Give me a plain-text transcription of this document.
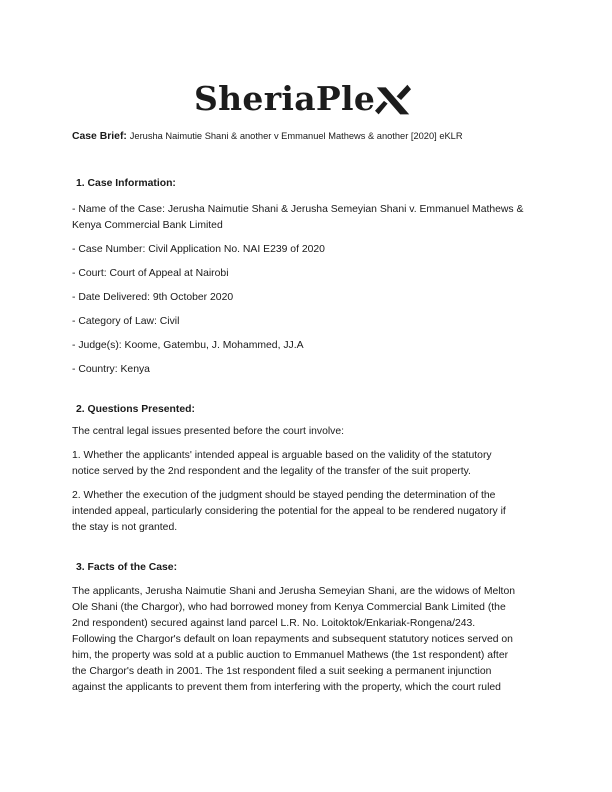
SheriaPle

Case Brief: Jerusha Naimutie Shani & another v Emmanuel Mathews & another [2020] eKLR

1. Case Information:

- Name of the Case: Jerusha Naimutie Shani & Jerusha Semeyian Shani v. Emmanuel Mathews &

Kenya Commercial Bank Limited

- Case Number: Civil Application No. NAI E239 of 2020

- Court: Court of Appeal at Nairobi

- Date Delivered: 9th October 2020

- Category of Law: Civil

- Judge(s): Koome, Gatembu, J. Mohammed, JJ.A

- Country: Kenya

2. Questions Presented:

The central legal issues presented before the court involve:

1. Whether the applicants' intended appeal is arguable based on the validity of the statutory

notice served by the 2nd respondent and the legality of the transfer of the suit property.

2. Whether the execution of the judgment should be stayed pending the determination of the

intended appeal, particularly considering the potential for the appeal to be rendered nugatory if

the stay is not granted.

3. Facts of the Case:

The applicants, Jerusha Naimutie Shani and Jerusha Semeyian Shani, are the widows of Melton

Ole Shani (the Chargor), who had borrowed money from Kenya Commercial Bank Limited (the

2nd respondent) secured against land parcel L.R. No. Loitoktok/Enkariak-Rongena/243.

Following the Chargor's default on loan repayments and subsequent statutory notices served on

him, the property was sold at a public auction to Emmanuel Mathews (the 1st respondent) after

the Chargor's death in 2001. The 1st respondent filed a suit seeking a permanent injunction

against the applicants to prevent them from interfering with the property, which the court ruled
